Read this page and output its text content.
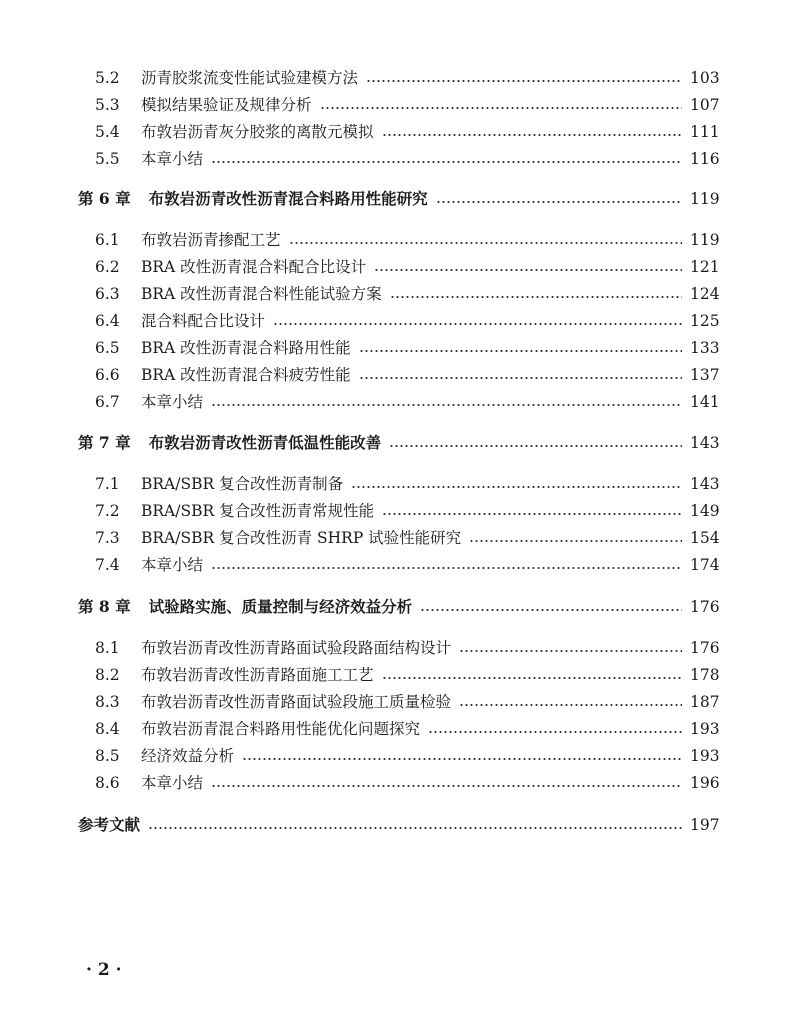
5.2	沥青胶浆流变性能试验建模方法	103
5.3	模拟结果验证及规律分析	107
5.4	布敦岩沥青灰分胶浆的离散元模拟	111
5.5	本章小结	116
第 6 章 布敦岩沥青改性沥青混合料路用性能研究	119
6.1	布敦岩沥青掺配工艺	119
6.2	BRA 改性沥青混合料配合比设计	121
6.3	BRA 改性沥青混合料性能试验方案	124
6.4	混合料配合比设计	125
6.5	BRA 改性沥青混合料路用性能	133
6.6	BRA 改性沥青混合料疲劳性能	137
6.7	本章小结	141
第 7 章 布敦岩沥青改性沥青低温性能改善	143
7.1	BRA/SBR 复合改性沥青制备	143
7.2	BRA/SBR 复合改性沥青常规性能	149
7.3	BRA/SBR 复合改性沥青 SHRP 试验性能研究	154
7.4	本章小结	174
第 8 章 试验路实施、质量控制与经济效益分析	176
8.1	布敦岩沥青改性沥青路面试验段路面结构设计	176
8.2	布敦岩沥青改性沥青路面施工工艺	178
8.3	布敦岩沥青改性沥青路面试验段施工质量检验	187
8.4	布敦岩沥青混合料路用性能优化问题探究	193
8.5	经济效益分析	193
8.6	本章小结	196
参考文献	197
· 2 ·
